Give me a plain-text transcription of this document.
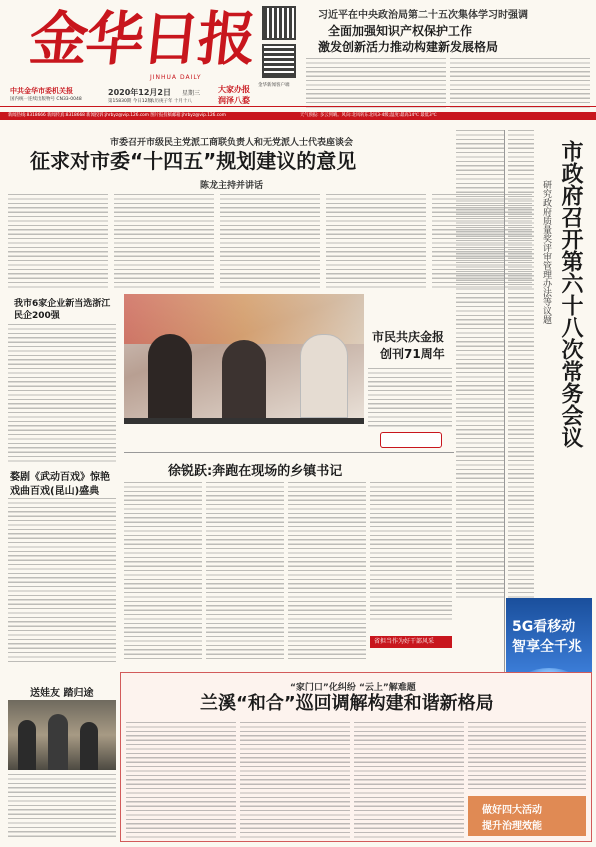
金华日报
JINHUA DAILY
中共金华市委机关报
国内统一连续出版物号 CN33-0048
2020年12月2日 星期三
第15830期 今日12版
农历庚子年 十月十八
大家办报
润泽八婺
金华新闻客户端
习近平在中央政治局第二十五次集体学习时强调
全面加强知识产权保护工作
激发创新活力推动构建新发展格局
新闻热线:8318666 新闻传真:8318668 新闻投诉:jhrbyz@vip.126.com 图片报投稿邮箱:jhrbyz@vip.126.com	天气预报: 多云到晴。风向:北风转东北风3-4级;温度:最高14℃ 最低3℃
市委召开市级民主党派工商联负责人和无党派人士代表座谈会
征求对市委“十四五”规划建议的意见
陈龙主持并讲话	市政府召开第六十八次常务会议
研究政府质量奖评审管理办法等议题
5G看移动
智享全千兆
我市6家企业新当选浙江民企200强
婺剧《武动百戏》惊艳
戏曲百戏(昆山)盛典
市民共庆金报
创刊71周年
徐锐跃:奔跑在现场的乡镇书记
省担当作为好干部风采
“家门口”化纠纷 “云上”解难题
兰溪“和合”巡回调解构建和谐新格局
做好四大活动
提升治理效能
送娃友 踏归途
